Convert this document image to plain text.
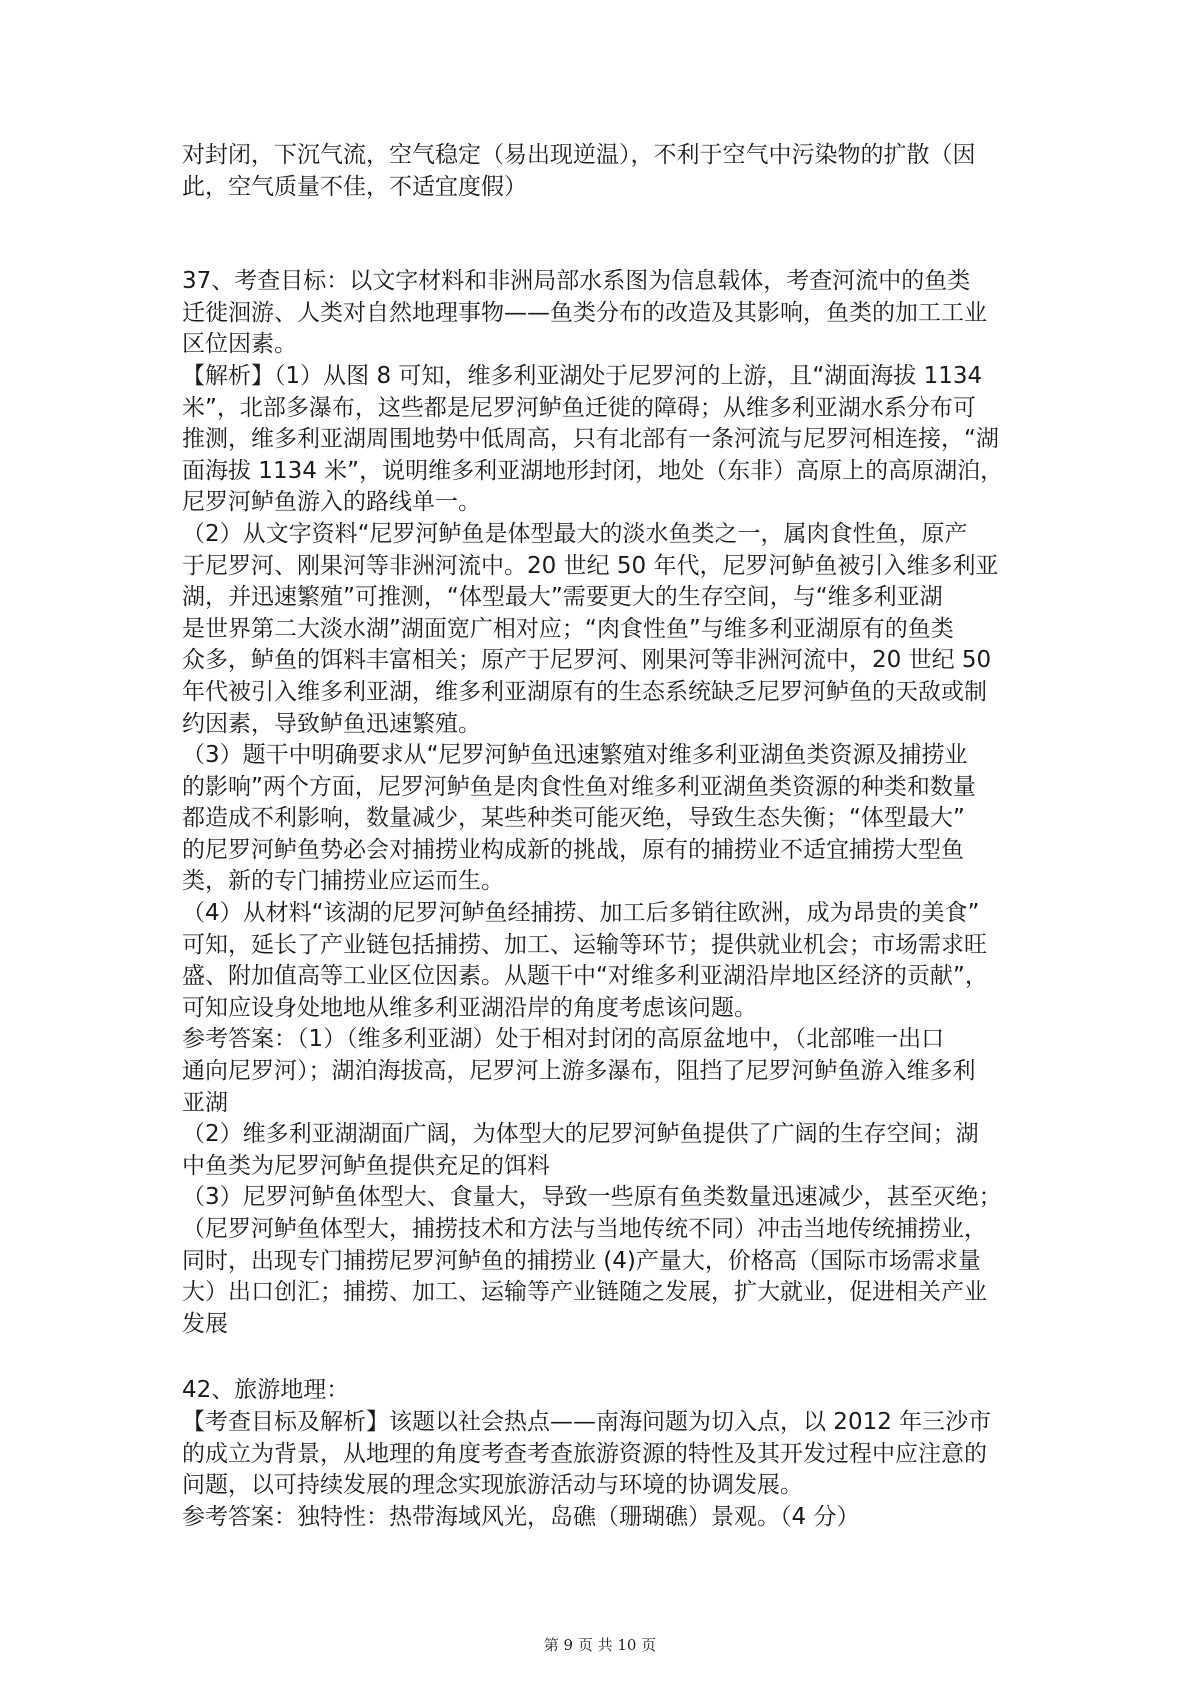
对封闭，下沉气流，空气稳定（易出现逆温），不利于空气中污染物的扩散（因
此，空气质量不佳，不适宜度假）
37、考查目标：以文字材料和非洲局部水系图为信息载体，考查河流中的鱼类
迁徙洄游、人类对自然地理事物——鱼类分布的改造及其影响，鱼类的加工工业
区位因素。
【解析】（1）从图 8 可知，维多利亚湖处于尼罗河的上游，且“湖面海拔 1134
米”，北部多瀑布，这些都是尼罗河鲈鱼迁徙的障碍；从维多利亚湖水系分布可
推测，维多利亚湖周围地势中低周高，只有北部有一条河流与尼罗河相连接，“湖
面海拔 1134 米”，说明维多利亚湖地形封闭，地处（东非）高原上的高原湖泊，
尼罗河鲈鱼游入的路线单一。
（2）从文字资料“尼罗河鲈鱼是体型最大的淡水鱼类之一，属肉食性鱼，原产
于尼罗河、刚果河等非洲河流中。20 世纪 50 年代，尼罗河鲈鱼被引入维多利亚
湖，并迅速繁殖”可推测，“体型最大”需要更大的生存空间，与“维多利亚湖
是世界第二大淡水湖”湖面宽广相对应；“肉食性鱼”与维多利亚湖原有的鱼类
众多，鲈鱼的饵料丰富相关；原产于尼罗河、刚果河等非洲河流中，20 世纪 50
年代被引入维多利亚湖，维多利亚湖原有的生态系统缺乏尼罗河鲈鱼的天敌或制
约因素，导致鲈鱼迅速繁殖。
（3）题干中明确要求从“尼罗河鲈鱼迅速繁殖对维多利亚湖鱼类资源及捕捞业
的影响”两个方面，尼罗河鲈鱼是肉食性鱼对维多利亚湖鱼类资源的种类和数量
都造成不利影响，数量减少，某些种类可能灭绝，导致生态失衡；“体型最大”
的尼罗河鲈鱼势必会对捕捞业构成新的挑战，原有的捕捞业不适宜捕捞大型鱼
类，新的专门捕捞业应运而生。
（4）从材料“该湖的尼罗河鲈鱼经捕捞、加工后多销往欧洲，成为昂贵的美食”
可知，延长了产业链包括捕捞、加工、运输等环节；提供就业机会；市场需求旺
盛、附加值高等工业区位因素。从题干中“对维多利亚湖沿岸地区经济的贡献”，
可知应设身处地地从维多利亚湖沿岸的角度考虑该问题。
参考答案：（1）（维多利亚湖）处于相对封闭的高原盆地中，（北部唯一出口
通向尼罗河）；湖泊海拔高，尼罗河上游多瀑布，阻挡了尼罗河鲈鱼游入维多利
亚湖
（2）维多利亚湖湖面广阔，为体型大的尼罗河鲈鱼提供了广阔的生存空间；湖
中鱼类为尼罗河鲈鱼提供充足的饵料
（3）尼罗河鲈鱼体型大、食量大，导致一些原有鱼类数量迅速减少，甚至灭绝；
（尼罗河鲈鱼体型大，捕捞技术和方法与当地传统不同）冲击当地传统捕捞业，
同时，出现专门捕捞尼罗河鲈鱼的捕捞业 (4)产量大，价格高（国际市场需求量
大）出口创汇；捕捞、加工、运输等产业链随之发展，扩大就业，促进相关产业
发展
42、旅游地理：
【考查目标及解析】该题以社会热点——南海问题为切入点，以 2012 年三沙市
的成立为背景，从地理的角度考查考查旅游资源的特性及其开发过程中应注意的
问题，以可持续发展的理念实现旅游活动与环境的协调发展。
参考答案：独特性：热带海域风光，岛礁（珊瑚礁）景观。（4 分）
第 9 页 共 10 页
